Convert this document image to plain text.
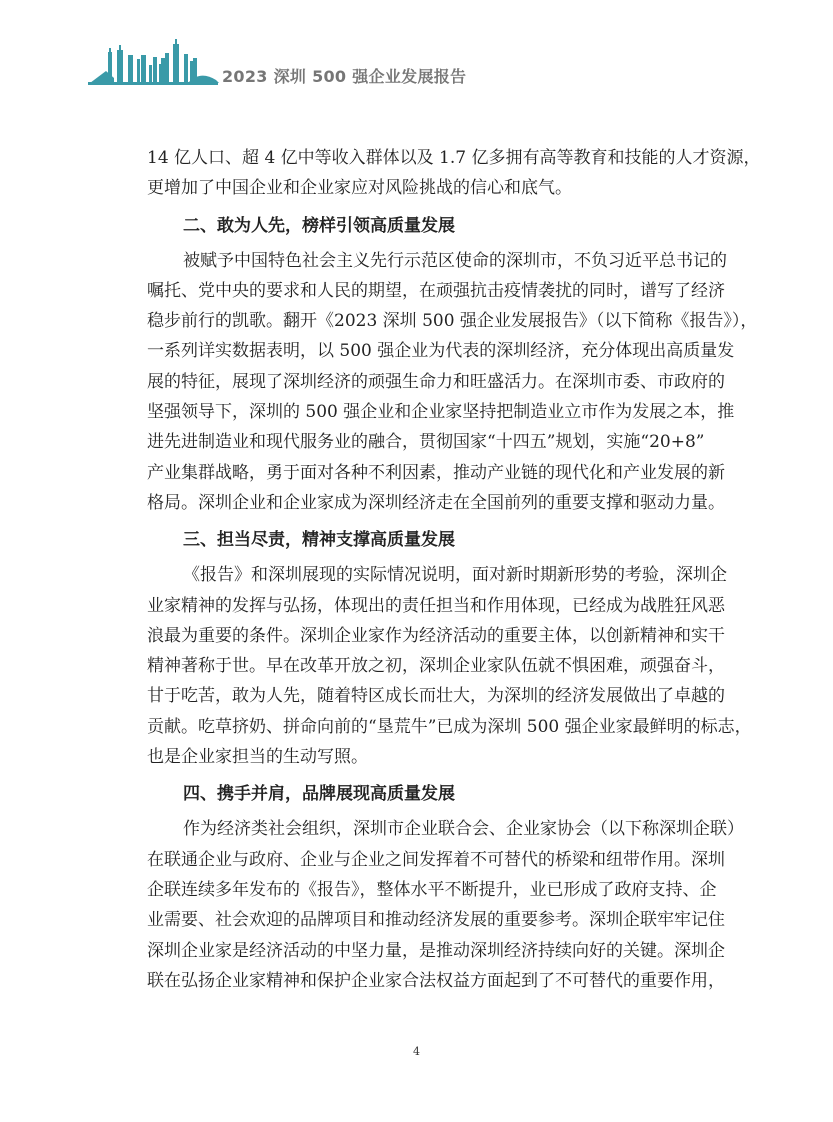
2023 深圳 500 强企业发展报告
14 亿人口、超 4 亿中等收入群体以及 1.7 亿多拥有高等教育和技能的人才资源，
更增加了中国企业和企业家应对风险挑战的信心和底气。
二、敢为人先，榜样引领高质量发展
被赋予中国特色社会主义先行示范区使命的深圳市，不负习近平总书记的
嘱托、党中央的要求和人民的期望，在顽强抗击疫情袭扰的同时，谱写了经济
稳步前行的凯歌。翻开《2023 深圳 500 强企业发展报告》（以下简称《报告》），
一系列详实数据表明，以 500 强企业为代表的深圳经济，充分体现出高质量发
展的特征，展现了深圳经济的顽强生命力和旺盛活力。在深圳市委、市政府的
坚强领导下，深圳的 500 强企业和企业家坚持把制造业立市作为发展之本，推
进先进制造业和现代服务业的融合，贯彻国家“十四五”规划，实施“20+8”
产业集群战略，勇于面对各种不利因素，推动产业链的现代化和产业发展的新
格局。深圳企业和企业家成为深圳经济走在全国前列的重要支撑和驱动力量。
三、担当尽责，精神支撑高质量发展
《报告》和深圳展现的实际情况说明，面对新时期新形势的考验，深圳企
业家精神的发挥与弘扬，体现出的责任担当和作用体现，已经成为战胜狂风恶
浪最为重要的条件。深圳企业家作为经济活动的重要主体，以创新精神和实干
精神著称于世。早在改革开放之初，深圳企业家队伍就不惧困难，顽强奋斗，
甘于吃苦，敢为人先，随着特区成长而壮大，为深圳的经济发展做出了卓越的
贡献。吃草挤奶、拼命向前的“垦荒牛”已成为深圳 500 强企业家最鲜明的标志，
也是企业家担当的生动写照。
四、携手并肩，品牌展现高质量发展
作为经济类社会组织，深圳市企业联合会、企业家协会（以下称深圳企联）
在联通企业与政府、企业与企业之间发挥着不可替代的桥梁和纽带作用。深圳
企联连续多年发布的《报告》，整体水平不断提升，业已形成了政府支持、企
业需要、社会欢迎的品牌项目和推动经济发展的重要参考。深圳企联牢牢记住
深圳企业家是经济活动的中坚力量，是推动深圳经济持续向好的关键。深圳企
联在弘扬企业家精神和保护企业家合法权益方面起到了不可替代的重要作用，
4
